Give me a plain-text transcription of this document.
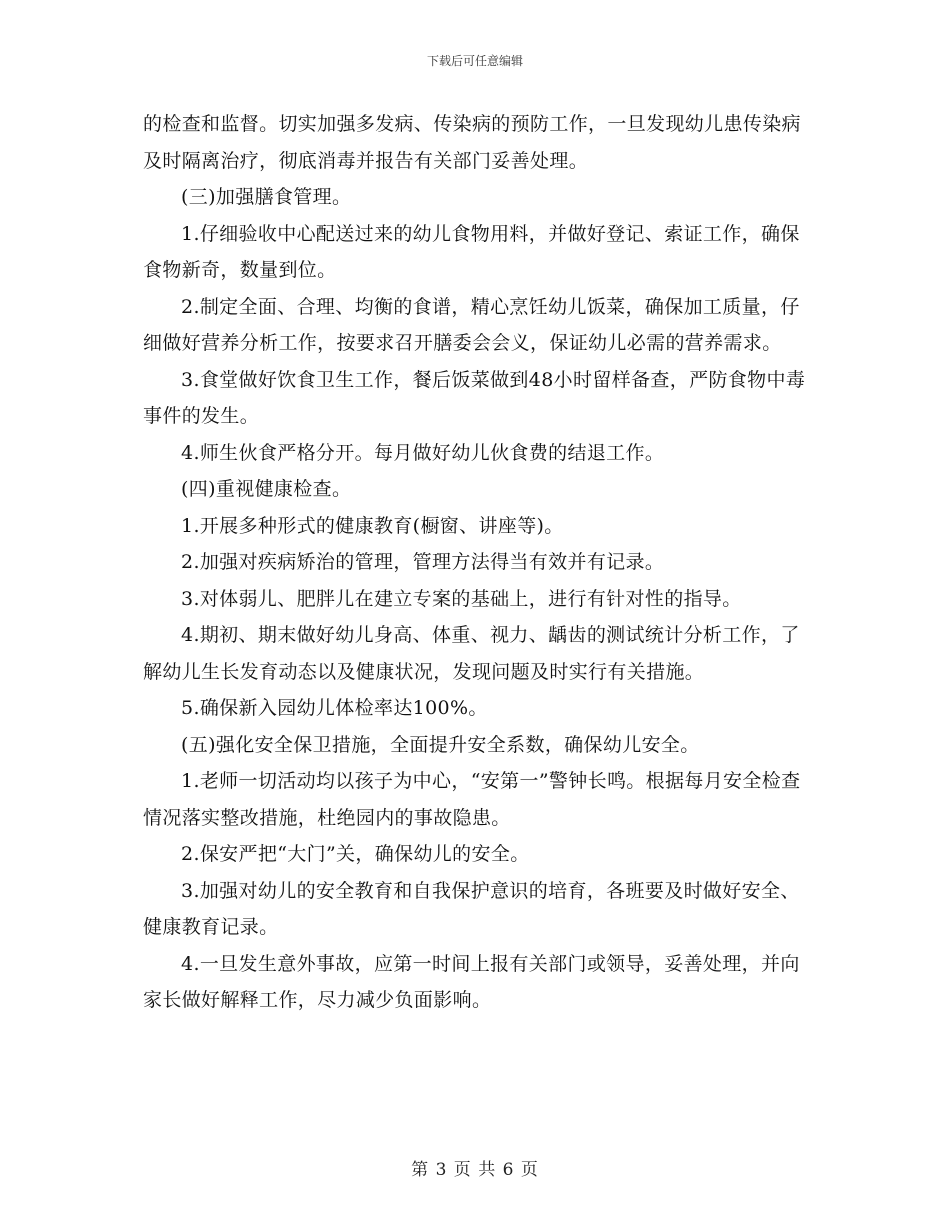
下载后可任意编辑

的检查和监督。切实加强多发病、传染病的预防工作，一旦发现幼儿患传染病及时隔离治疗，彻底消毒并报告有关部门妥善处理。

(三)加强膳食管理。

1.仔细验收中心配送过来的幼儿食物用料，并做好登记、索证工作，确保食物新奇，数量到位。

2.制定全面、合理、均衡的食谱，精心烹饪幼儿饭菜，确保加工质量，仔细做好营养分析工作，按要求召开膳委会会义，保证幼儿必需的营养需求。

3.食堂做好饮食卫生工作，餐后饭菜做到48小时留样备查，严防食物中毒事件的发生。

4.师生伙食严格分开。每月做好幼儿伙食费的结退工作。

(四)重视健康检查。

1.开展多种形式的健康教育(橱窗、讲座等)。

2.加强对疾病矫治的管理，管理方法得当有效并有记录。

3.对体弱儿、肥胖儿在建立专案的基础上，进行有针对性的指导。

4.期初、期末做好幼儿身高、体重、视力、龋齿的测试统计分析工作，了解幼儿生长发育动态以及健康状况，发现问题及时实行有关措施。

5.确保新入园幼儿体检率达100%。

(五)强化安全保卫措施，全面提升安全系数，确保幼儿安全。

1.老师一切活动均以孩子为中心，“安第一”警钟长鸣。根据每月安全检查情况落实整改措施，杜绝园内的事故隐患。

2.保安严把“大门”关，确保幼儿的安全。

3.加强对幼儿的安全教育和自我保护意识的培育，各班要及时做好安全、健康教育记录。

4.一旦发生意外事故，应第一时间上报有关部门或领导，妥善处理，并向家长做好解释工作，尽力减少负面影响。

第 3 页 共 6 页
